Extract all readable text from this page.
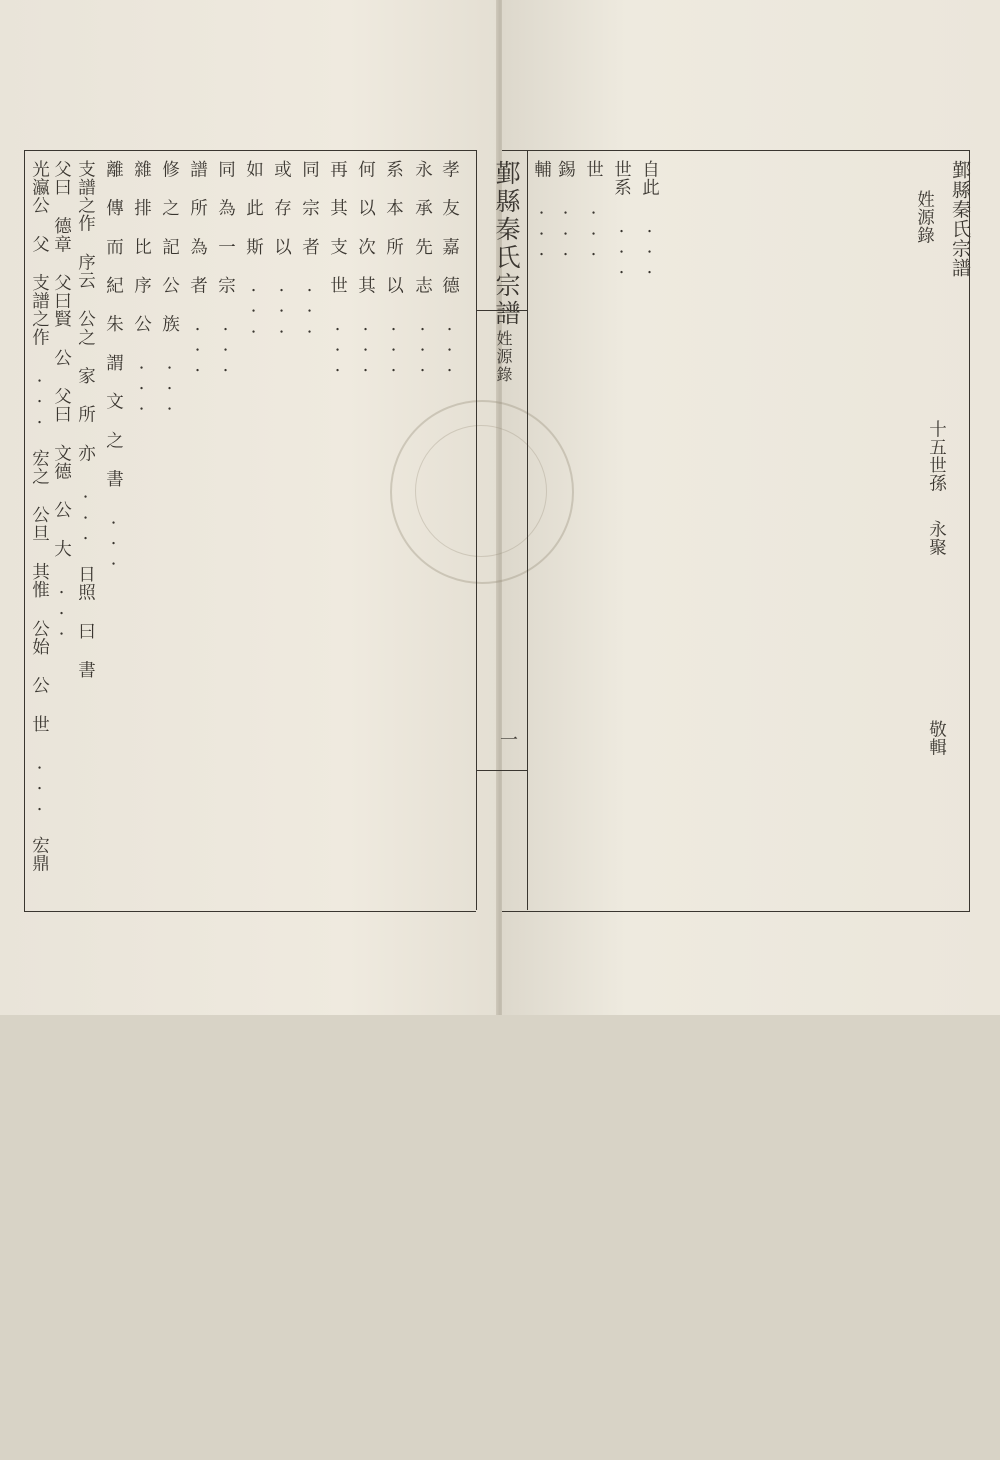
鄞縣秦氏宗譜
姓源錄
一
孝 友 嘉 德 ...
永 承 先 志 ...
系 本 所 以 ...
何 以 次 其 ...
再 其 支 世 ...
同 宗 者 ...
或 存 以 ...
如 此 斯 ...
同 為 一 宗 ...
譜 所 為 者 ...
修 之 記 公 族 ...
雜 排 比 序 公 ...
離 傳 而 紀 朱 謂 文 之 書 ...
支譜之作 序云 公之 家 所 亦 ... 日照 曰 書
父曰 德章 父曰賢 公 父曰 文德 公 大 ...
光瀛公 父 支譜之作 ... 宏之 公旦 其惟 公始 公 世 ... 宏鼎	鄞縣秦氏宗譜
姓源錄
十五世孫
永聚
敬輯
自此 ...
世系 ...
世 ...
錫 ...
輔 ...
